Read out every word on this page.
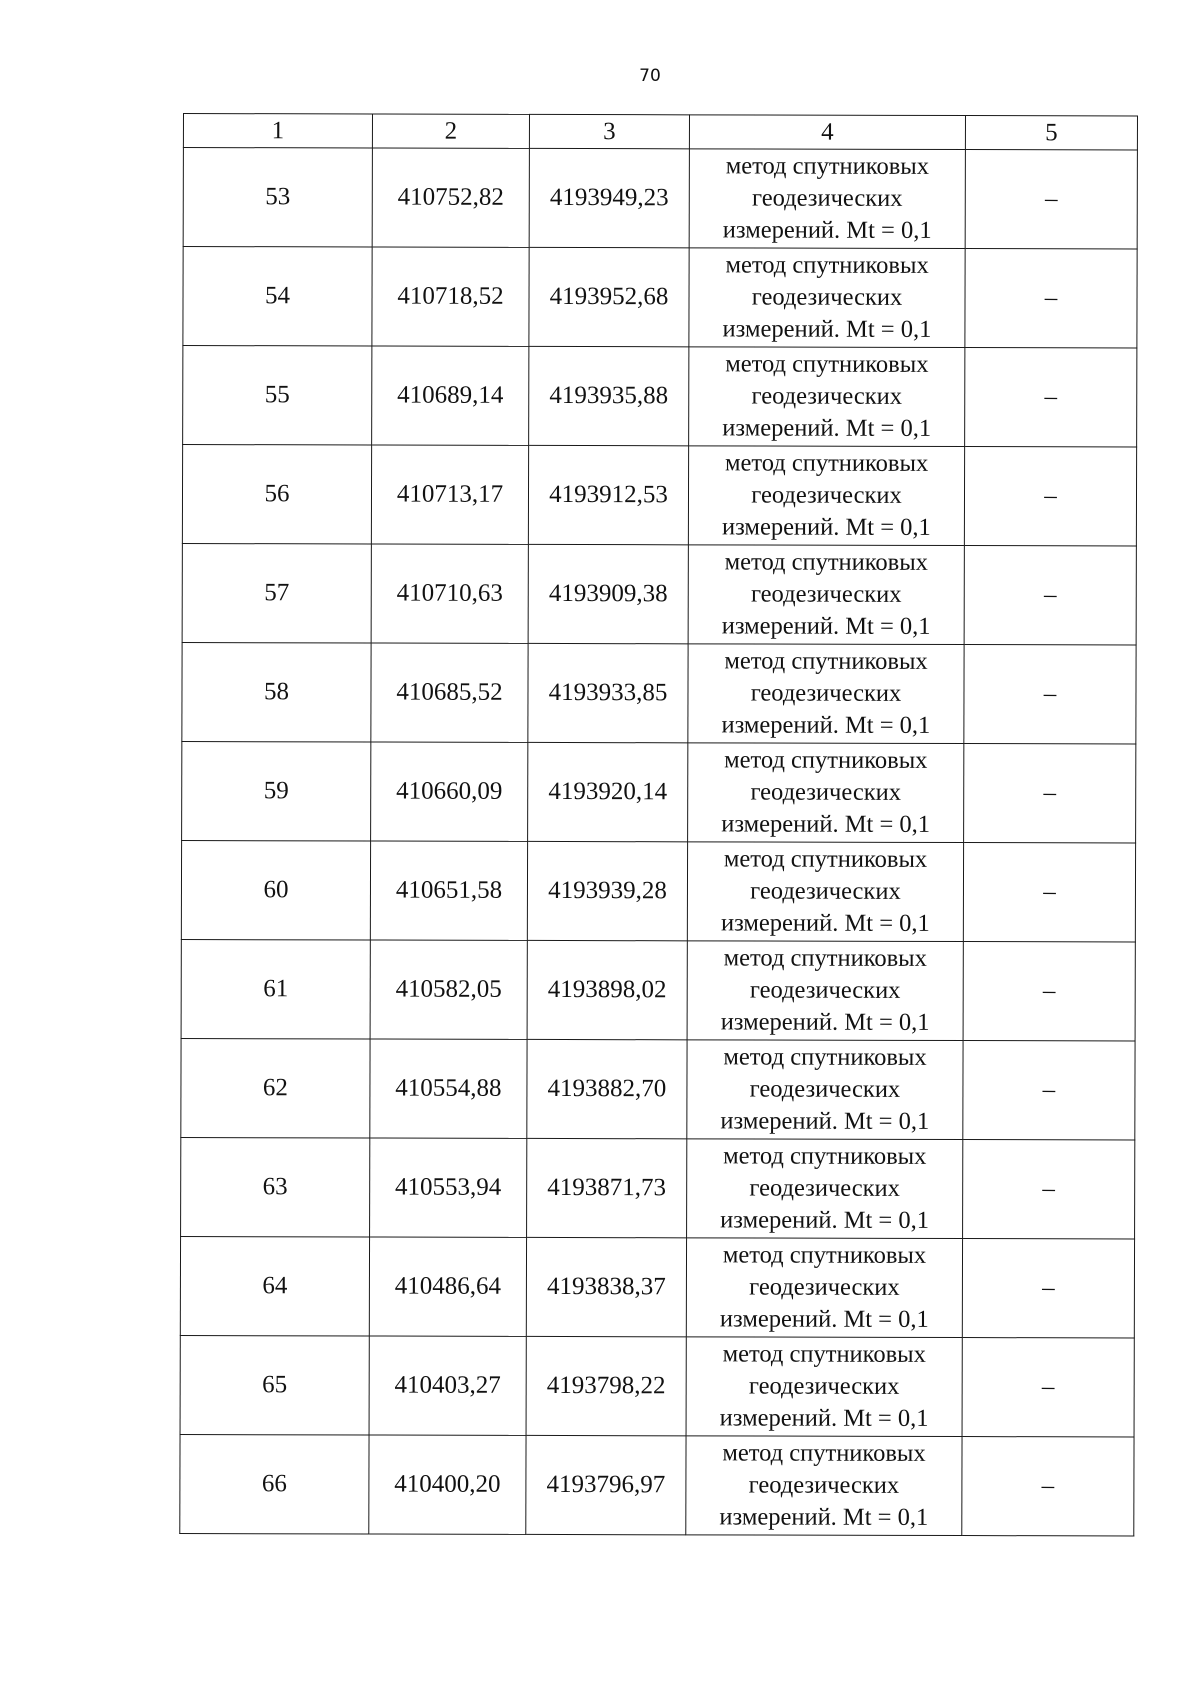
70
1	2	3	4	5
53	410752,82	4193949,23	метод спутниковых
геодезических
измерений. Mt = 0,1	–
54	410718,52	4193952,68	метод спутниковых
геодезических
измерений. Mt = 0,1	–
55	410689,14	4193935,88	метод спутниковых
геодезических
измерений. Mt = 0,1	–
56	410713,17	4193912,53	метод спутниковых
геодезических
измерений. Mt = 0,1	–
57	410710,63	4193909,38	метод спутниковых
геодезических
измерений. Mt = 0,1	–
58	410685,52	4193933,85	метод спутниковых
геодезических
измерений. Mt = 0,1	–
59	410660,09	4193920,14	метод спутниковых
геодезических
измерений. Mt = 0,1	–
60	410651,58	4193939,28	метод спутниковых
геодезических
измерений. Mt = 0,1	–
61	410582,05	4193898,02	метод спутниковых
геодезических
измерений. Mt = 0,1	–
62	410554,88	4193882,70	метод спутниковых
геодезических
измерений. Mt = 0,1	–
63	410553,94	4193871,73	метод спутниковых
геодезических
измерений. Mt = 0,1	–
64	410486,64	4193838,37	метод спутниковых
геодезических
измерений. Mt = 0,1	–
65	410403,27	4193798,22	метод спутниковых
геодезических
измерений. Mt = 0,1	–
66	410400,20	4193796,97	метод спутниковых
геодезических
измерений. Mt = 0,1	–
